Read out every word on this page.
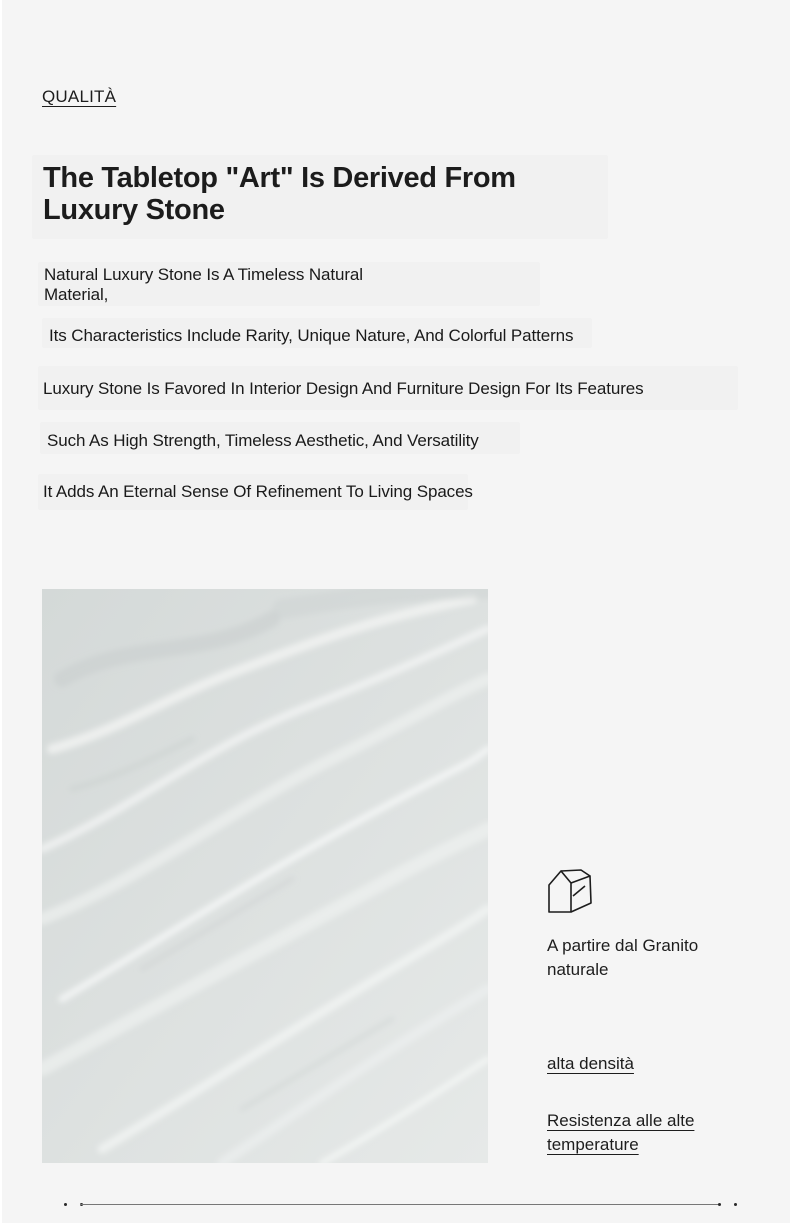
QUALITÀ
The Tabletop "Art" Is Derived From Luxury Stone

Natural Luxury Stone Is A Timeless Natural Material,

Its Characteristics Include Rarity, Unique Nature, And Colorful Patterns

Luxury Stone Is Favored In Interior Design And Furniture Design For Its Features

Such As High Strength, Timeless Aesthetic, And Versatility

It Adds An Eternal Sense Of Refinement To Living Spaces

A partire dal Granito naturale
alta densità
Resistenza alle alte temperature
